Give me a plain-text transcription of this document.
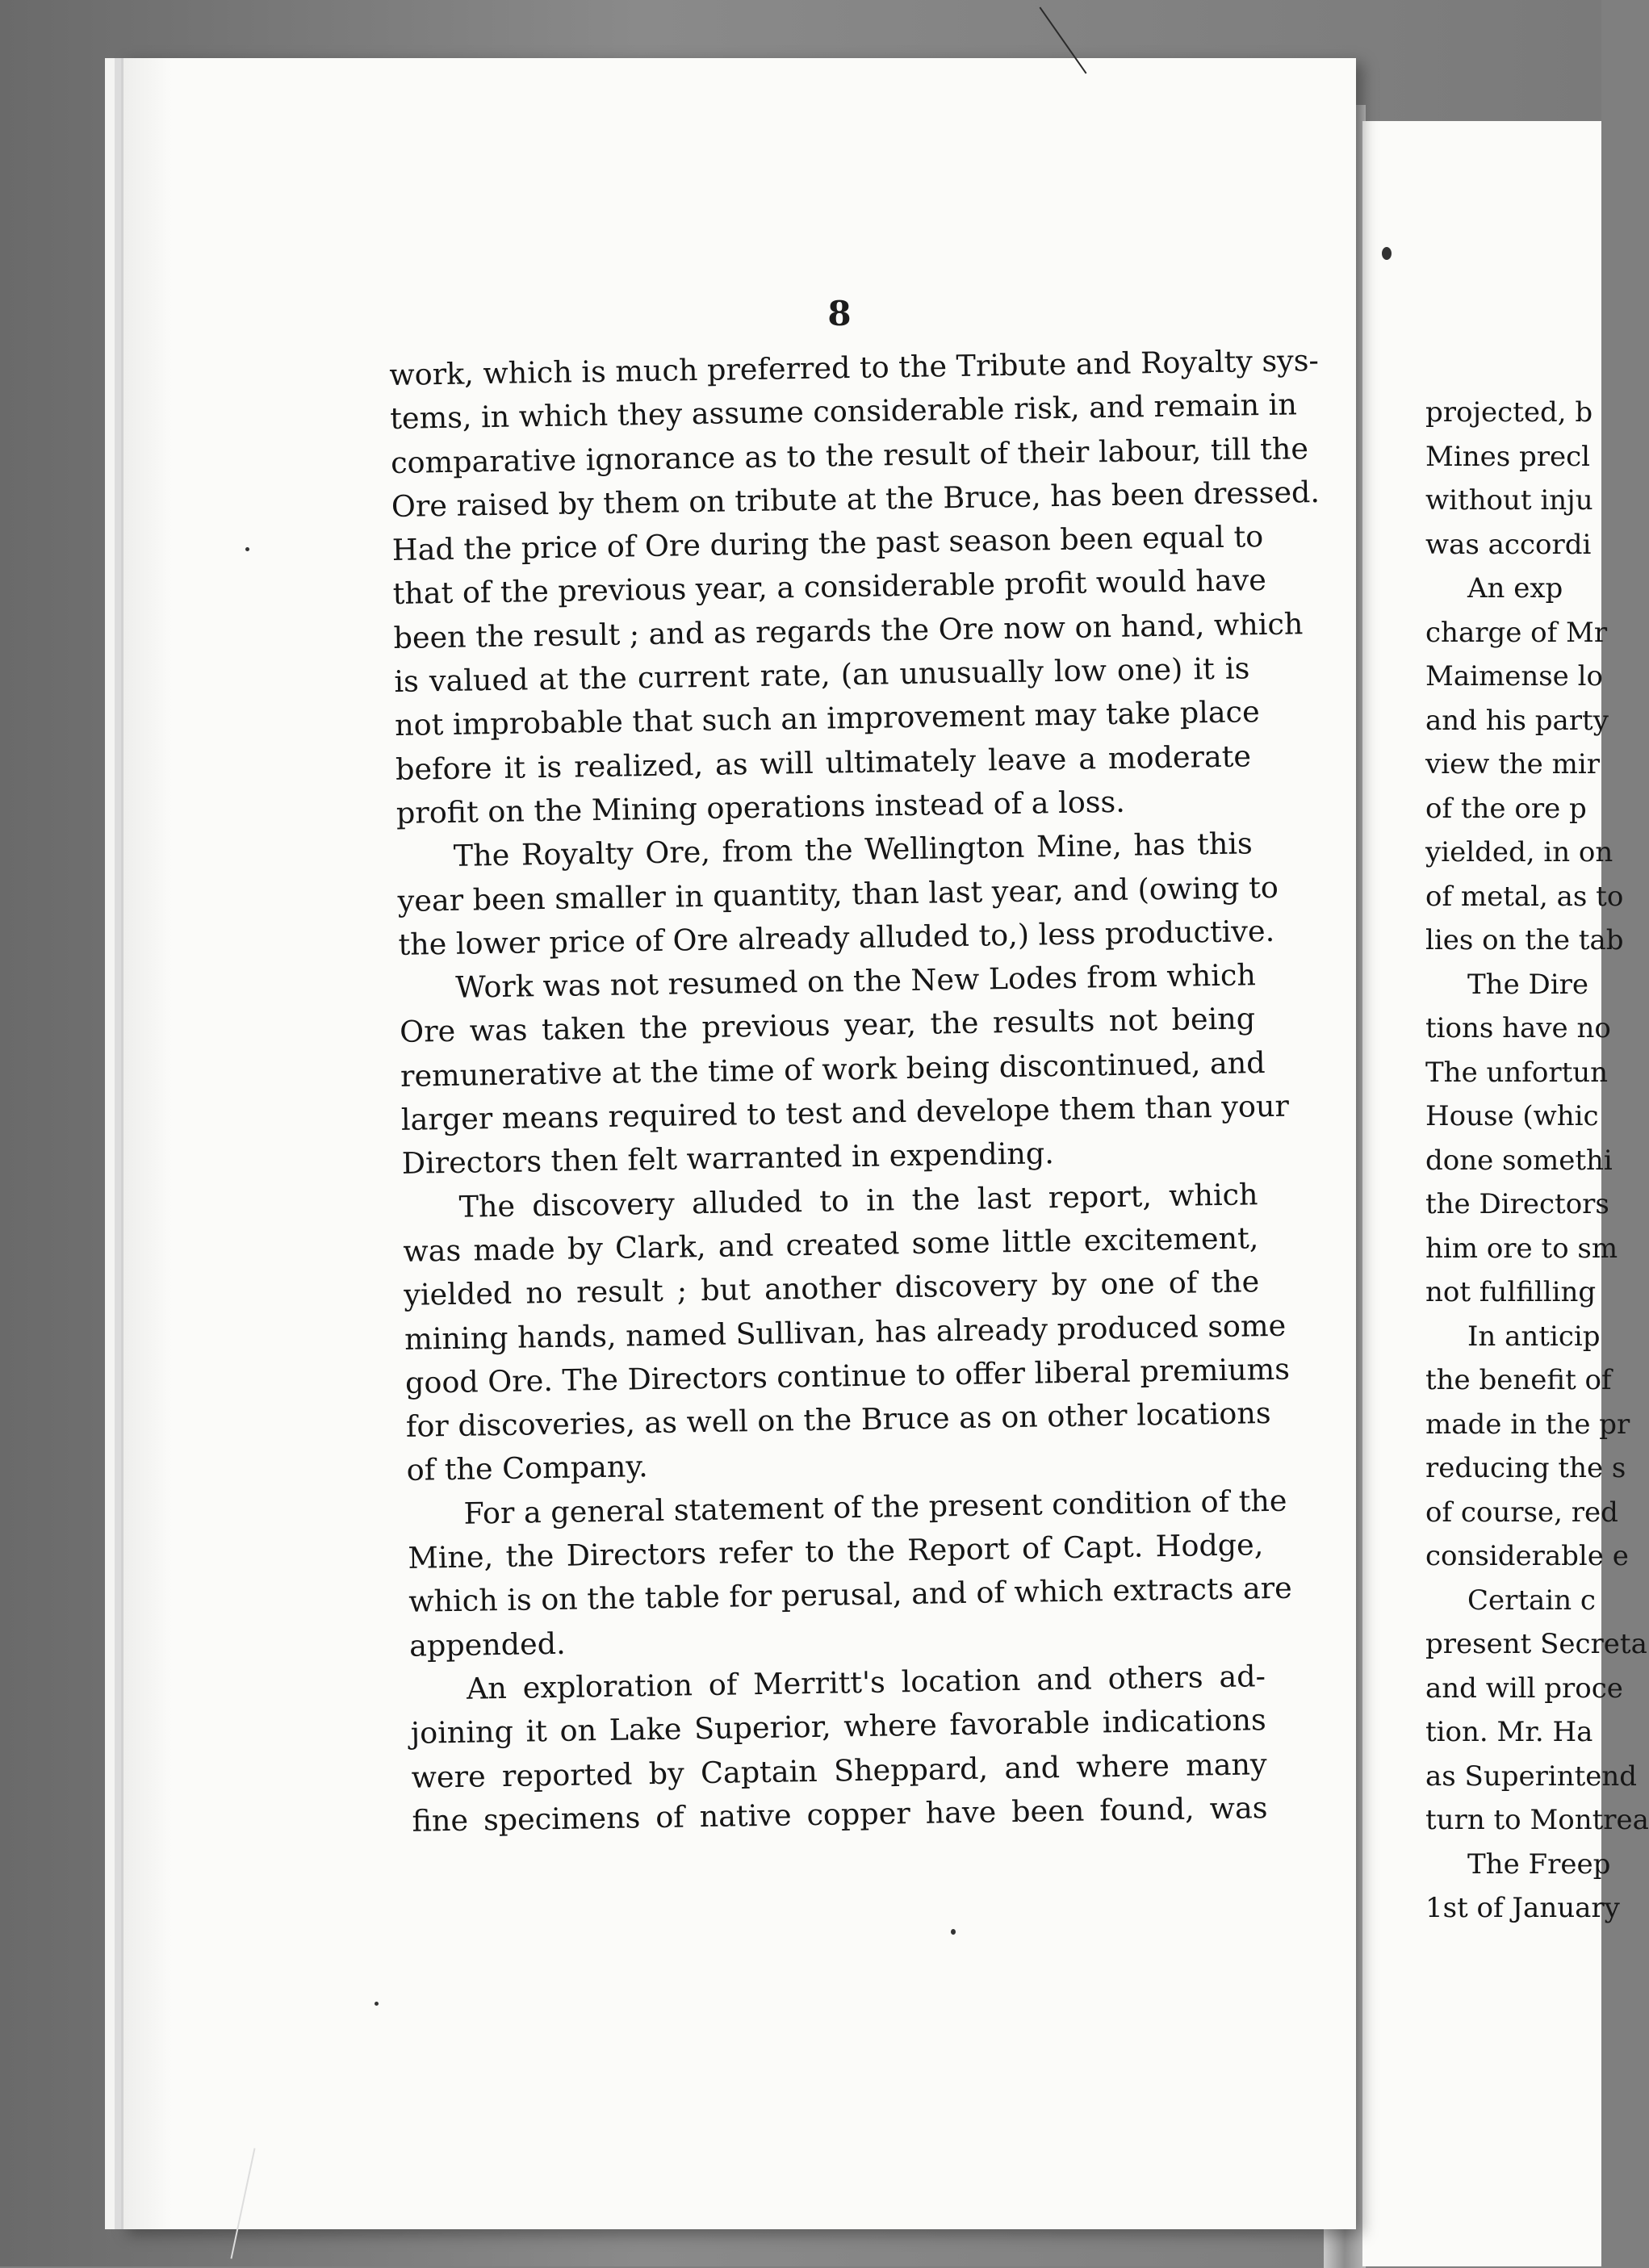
8
work, which is much preferred to the Tribute and Royalty sys-
tems, in which they assume considerable risk, and remain in
comparative ignorance as to the result of their labour, till the
Ore raised by them on tribute at the Bruce, has been dressed.
Had the price of Ore during the past season been equal to
that of the previous year, a considerable profit would have
been the result ; and as regards the Ore now on hand, which
is valued at the current rate, (an unusually low one) it is
not improbable that such an improvement may take place
before it is realized, as will ultimately leave a moderate
profit on the Mining operations instead of a loss.
The Royalty Ore, from the Wellington Mine, has this
year been smaller in quantity, than last year, and (owing to
the lower price of Ore already alluded to,) less productive.
Work was not resumed on the New Lodes from which
Ore was taken the previous year, the results not being
remunerative at the time of work being discontinued, and
larger means required to test and develope them than your
Directors then felt warranted in expending.
The discovery alluded to in the last report, which
was made by Clark, and created some little excitement,
yielded no result ; but another discovery by one of the
mining hands, named Sullivan, has already produced some
good Ore. The Directors continue to offer liberal premiums
for discoveries, as well on the Bruce as on other locations
of the Company.
For a general statement of the present condition of the
Mine, the Directors refer to the Report of Capt. Hodge,
which is on the table for perusal, and of which extracts are
appended.
An exploration of Merritt's location and others ad-
joining it on Lake Superior, where favorable indications
were reported by Captain Sheppard, and where many
fine specimens of native copper have been found, was
projected, b
Mines precl
without inju
was accordi
An exp
charge of Mr
Maimense lo
and his party
view the mir
of the ore p
yielded, in on
of metal, as to
lies on the tab
The Dire
tions have no
The unfortun
House (whic
done somethi
the Directors
him ore to sm
not fulfilling
In anticip
the benefit of
made in the pr
reducing the s
of course, red
considerable e
Certain c
present Secreta
and will proce
tion. Mr. Ha
as Superintend
turn to Montrea
The Freep
1st of January
